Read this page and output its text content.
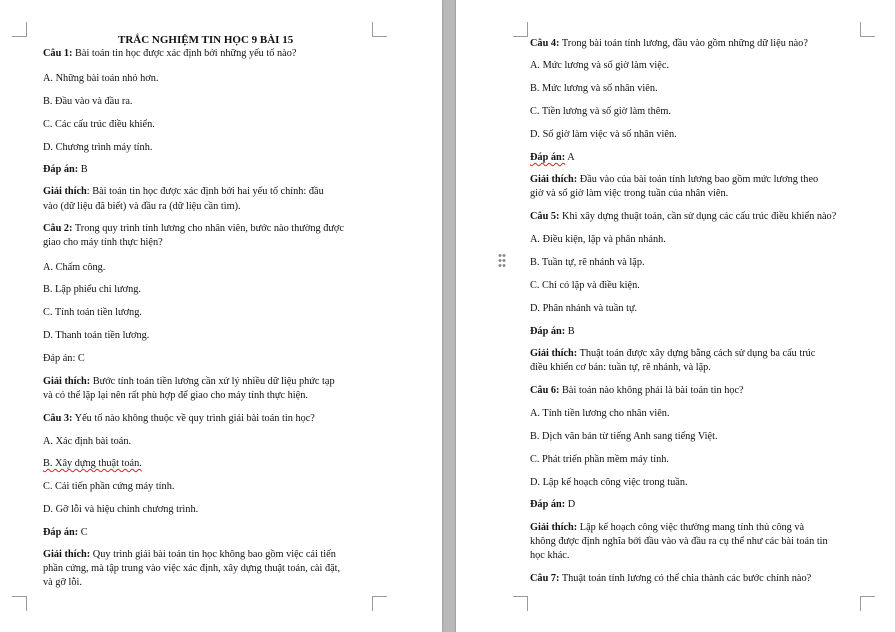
TRẮC NGHIỆM TIN HỌC 9 BÀI 15
Câu 1: Bài toán tin học được xác định bởi những yếu tố nào?
A. Những bài toán nhỏ hơn.
B. Đầu vào và đầu ra.
C. Các cấu trúc điều khiển.
D. Chương trình máy tính.
Đáp án: B
Giải thích: Bài toán tin học được xác định bởi hai yếu tố chính: đầu
vào (dữ liệu đã biết) và đầu ra (dữ liệu cần tìm).
Câu 2: Trong quy trình tính lương cho nhân viên, bước nào thường được
giao cho máy tính thực hiện?
A. Chấm công.
B. Lập phiếu chi lương.
C. Tính toán tiền lương.
D. Thanh toán tiền lương.
Đáp án: C
Giải thích: Bước tính toán tiền lương cần xử lý nhiều dữ liệu phức tạp
và có thể lặp lại nên rất phù hợp để giao cho máy tính thực hiện.
Câu 3: Yếu tố nào không thuộc về quy trình giải bài toán tin học?
A. Xác định bài toán.
B. Xây dựng thuật toán.
C. Cải tiến phần cứng máy tính.
D. Gỡ lỗi và hiệu chỉnh chương trình.
Đáp án: C
Giải thích: Quy trình giải bài toán tin học không bao gồm việc cải tiến
phần cứng, mà tập trung vào việc xác định, xây dựng thuật toán, cài đặt,
và gỡ lỗi.
Câu 4: Trong bài toán tính lương, đầu vào gồm những dữ liệu nào?
A. Mức lương và số giờ làm việc.
B. Mức lương và số nhân viên.
C. Tiền lương và số giờ làm thêm.
D. Số giờ làm việc và số nhân viên.
Đáp án: A
Giải thích: Đầu vào của bài toán tính lương bao gồm mức lương theo
giờ và số giờ làm việc trong tuần của nhân viên.
Câu 5: Khi xây dựng thuật toán, cần sử dụng các cấu trúc điều khiển nào?
A. Điều kiện, lặp và phân nhánh.
B. Tuần tự, rẽ nhánh và lặp.
C. Chỉ có lặp và điều kiện.
D. Phân nhánh và tuần tự.
Đáp án: B
Giải thích: Thuật toán được xây dựng bằng cách sử dụng ba cấu trúc
điều khiển cơ bản: tuần tự, rẽ nhánh, và lặp.
Câu 6: Bài toán nào không phải là bài toán tin học?
A. Tính tiền lương cho nhân viên.
B. Dịch văn bản từ tiếng Anh sang tiếng Việt.
C. Phát triển phần mềm máy tính.
D. Lập kế hoạch công việc trong tuần.
Đáp án: D
Giải thích: Lập kế hoạch công việc thường mang tính thủ công và
không được định nghĩa bởi đầu vào và đầu ra cụ thể như các bài toán tin
học khác.
Câu 7: Thuật toán tính lương có thể chia thành các bước chính nào?
